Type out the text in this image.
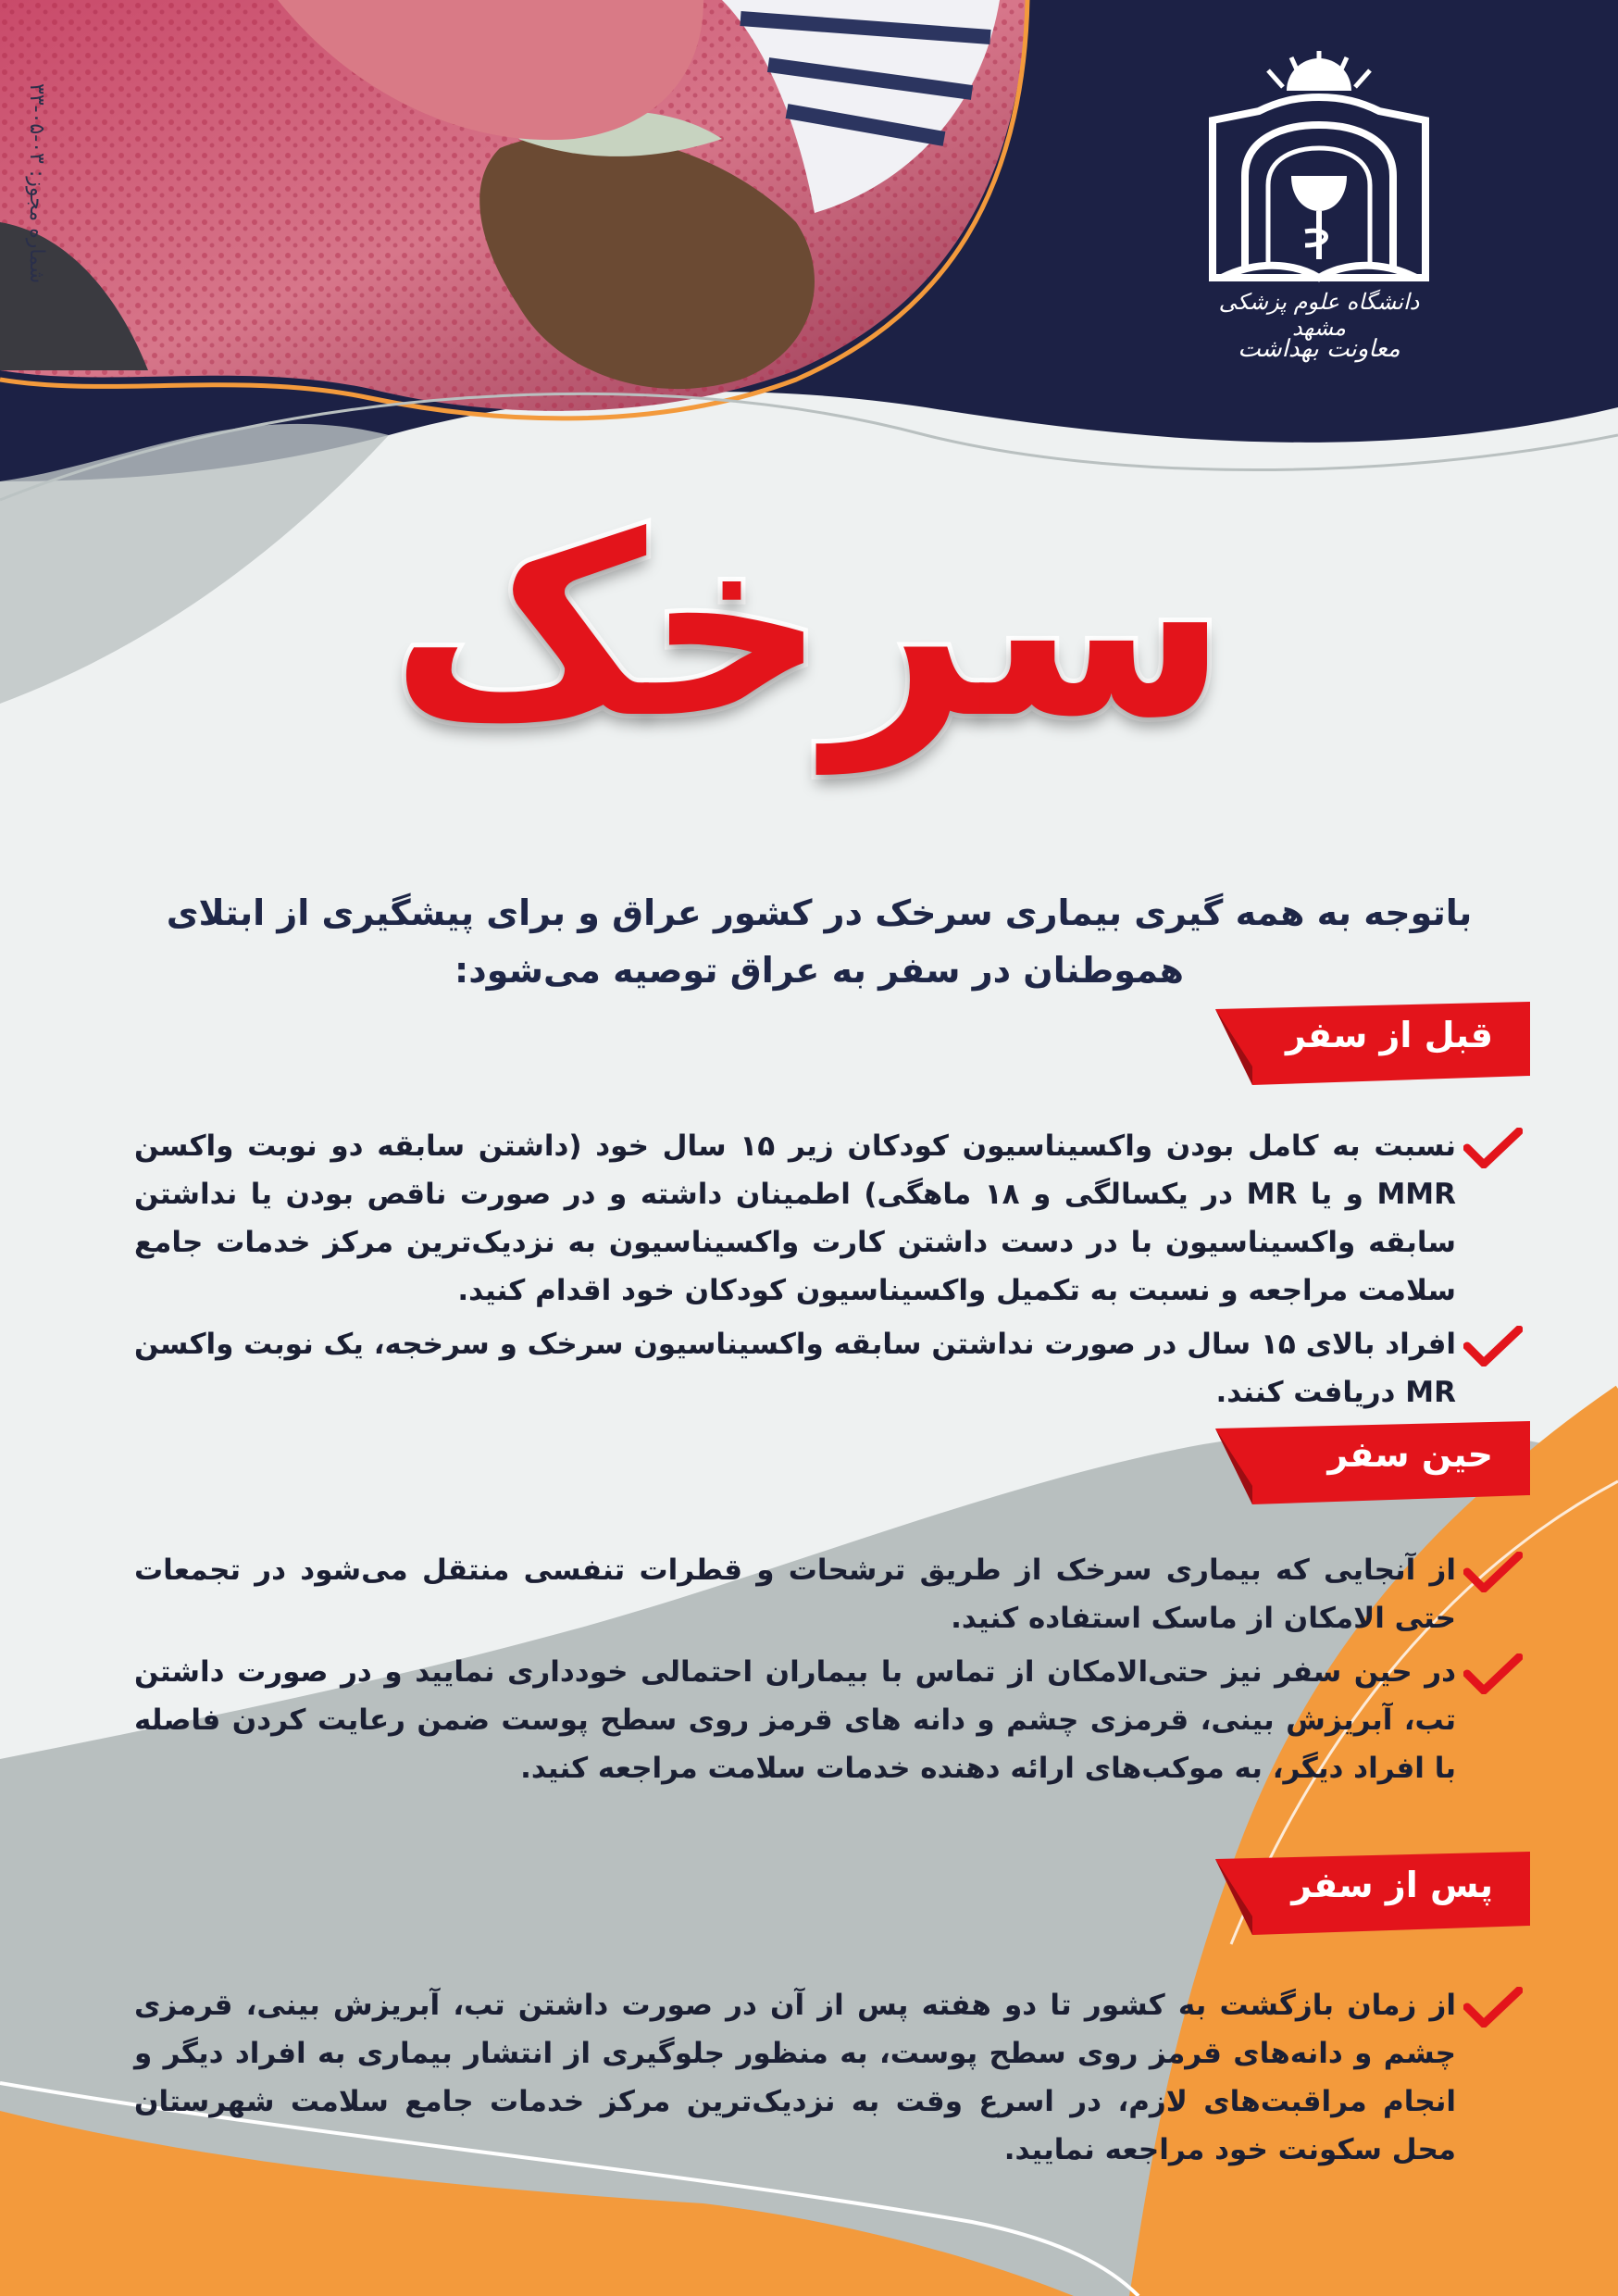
شماره مجوز: ۰۳-۰۵-۳۳
دانشگاه علوم پزشکی مشهد
معاونت بهداشت
سرخک
باتوجه به همه گیری بیماری سرخک در کشور عراق و برای پیشگیری از ابتلای هموطنان در سفر به عراق توصیه می‌شود:
قبل از سفر
نسبت به کامل بودن واکسیناسیون کودکان زیر ۱۵ سال خود (داشتن سابقه دو نوبت واکسن MMR و یا MR در یکسالگی و ۱۸ ماهگی) اطمینان داشته و در صورت ناقص بودن یا نداشتن سابقه واکسیناسیون با در دست داشتن کارت واکسیناسیون به نزدیک‌ترین مرکز خدمات جامع سلامت مراجعه و نسبت به تکمیل واکسیناسیون کودکان خود اقدام کنید.
افراد بالای ۱۵ سال در صورت نداشتن سابقه واکسیناسیون سرخک و سرخجه، یک نوبت واکسن MR دریافت کنند.
حین سفر
از آنجایی که بیماری سرخک از طریق ترشحات و قطرات تنفسی منتقل می‌شود در تجمعات حتی الامکان از ماسک استفاده کنید.
در حین سفر نیز حتی‌الامکان از تماس با بیماران احتمالی خودداری نمایید و در صورت داشتن تب، آبریزش بینی، قرمزی چشم و دانه های قرمز روی سطح پوست ضمن رعایت کردن فاصله با افراد دیگر، به موکب‌های ارائه دهنده خدمات سلامت مراجعه کنید.
پس از سفر
از زمان بازگشت به کشور تا دو هفته پس از آن در صورت داشتن تب، آبریزش بینی، قرمزی چشم و دانه‌های قرمز روی سطح پوست، به منظور جلوگیری از انتشار بیماری به افراد دیگر و انجام مراقبت‌های لازم، در اسرع وقت به نزدیک‌ترین مرکز خدمات جامع سلامت شهرستان محل سکونت خود مراجعه نمایید.
